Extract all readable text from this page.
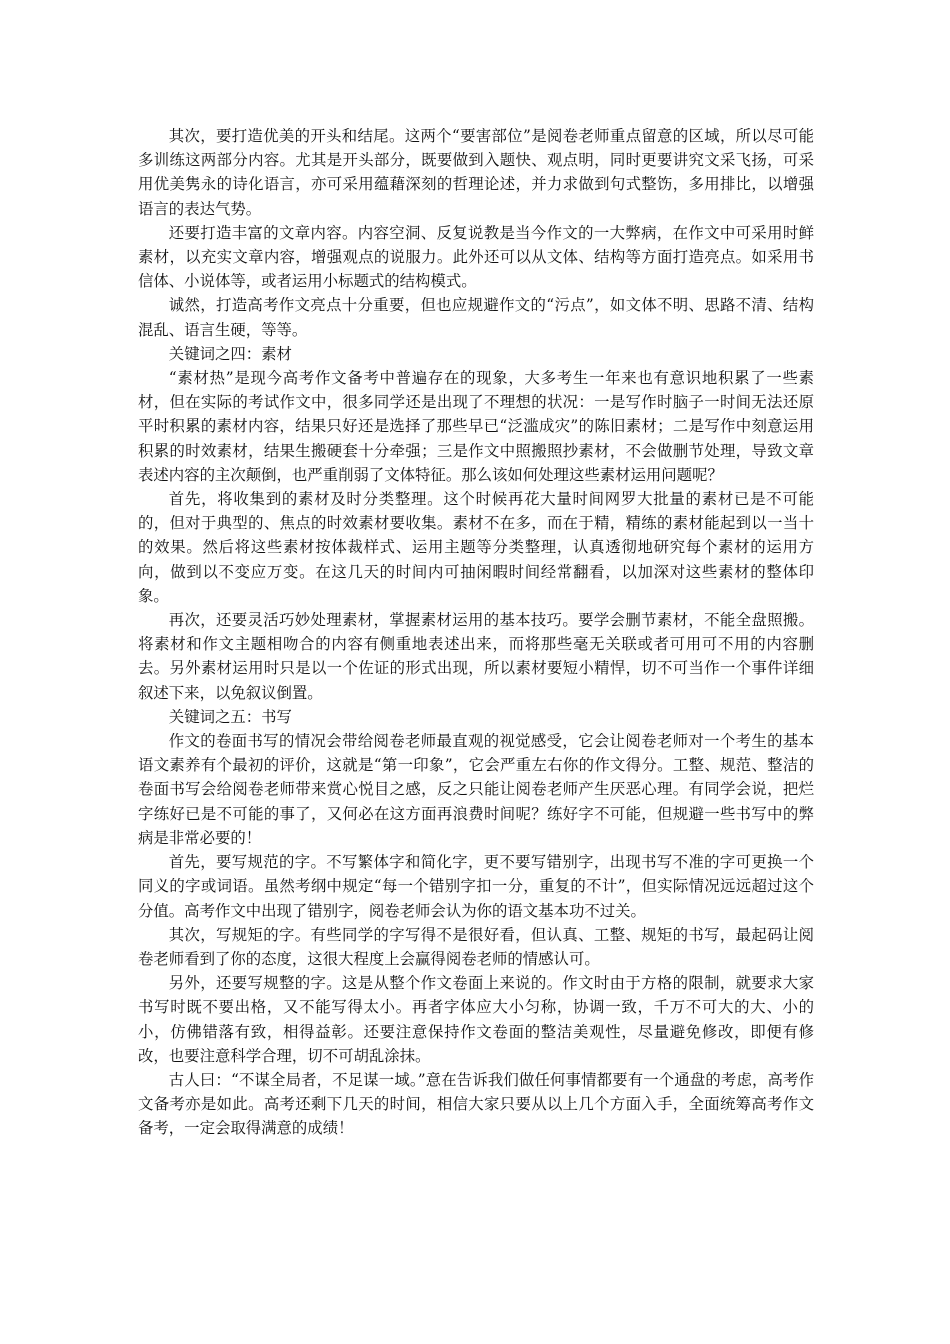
其次，要打造优美的开头和结尾。这两个“要害部位”是阅卷老师重点留意的区域，所以尽可能多训练这两部分内容。尤其是开头部分，既要做到入题快、观点明，同时更要讲究文采飞扬，可采用优美隽永的诗化语言，亦可采用蕴藉深刻的哲理论述，并力求做到句式整饬，多用排比，以增强语言的表达气势。

还要打造丰富的文章内容。内容空洞、反复说教是当今作文的一大弊病，在作文中可采用时鲜素材，以充实文章内容，增强观点的说服力。此外还可以从文体、结构等方面打造亮点。如采用书信体、小说体等，或者运用小标题式的结构模式。

诚然，打造高考作文亮点十分重要，但也应规避作文的“污点”，如文体不明、思路不清、结构混乱、语言生硬，等等。

关键词之四：素材

“素材热”是现今高考作文备考中普遍存在的现象，大多考生一年来也有意识地积累了一些素材，但在实际的考试作文中，很多同学还是出现了不理想的状况：一是写作时脑子一时间无法还原平时积累的素材内容，结果只好还是选择了那些早已“泛滥成灾”的陈旧素材；二是写作中刻意运用积累的时效素材，结果生搬硬套十分牵强；三是作文中照搬照抄素材，不会做删节处理，导致文章表述内容的主次颠倒，也严重削弱了文体特征。那么该如何处理这些素材运用问题呢？

首先，将收集到的素材及时分类整理。这个时候再花大量时间网罗大批量的素材已是不可能的，但对于典型的、焦点的时效素材要收集。素材不在多，而在于精，精练的素材能起到以一当十的效果。然后将这些素材按体裁样式、运用主题等分类整理，认真透彻地研究每个素材的运用方向，做到以不变应万变。在这几天的时间内可抽闲暇时间经常翻看，以加深对这些素材的整体印象。

再次，还要灵活巧妙处理素材，掌握素材运用的基本技巧。要学会删节素材，不能全盘照搬。将素材和作文主题相吻合的内容有侧重地表述出来，而将那些毫无关联或者可用可不用的内容删去。另外素材运用时只是以一个佐证的形式出现，所以素材要短小精悍，切不可当作一个事件详细叙述下来，以免叙议倒置。

关键词之五：书写

作文的卷面书写的情况会带给阅卷老师最直观的视觉感受，它会让阅卷老师对一个考生的基本语文素养有个最初的评价，这就是“第一印象”，它会严重左右你的作文得分。工整、规范、整洁的卷面书写会给阅卷老师带来赏心悦目之感，反之只能让阅卷老师产生厌恶心理。有同学会说，把烂字练好已是不可能的事了，又何必在这方面再浪费时间呢？练好字不可能，但规避一些书写中的弊病是非常必要的！

首先，要写规范的字。不写繁体字和简化字，更不要写错别字，出现书写不准的字可更换一个同义的字或词语。虽然考纲中规定“每一个错别字扣一分，重复的不计”，但实际情况远远超过这个分值。高考作文中出现了错别字，阅卷老师会认为你的语文基本功不过关。

其次，写规矩的字。有些同学的字写得不是很好看，但认真、工整、规矩的书写，最起码让阅卷老师看到了你的态度，这很大程度上会赢得阅卷老师的情感认可。

另外，还要写规整的字。这是从整个作文卷面上来说的。作文时由于方格的限制，就要求大家书写时既不要出格，又不能写得太小。再者字体应大小匀称，协调一致，千万不可大的大、小的小，仿佛错落有致，相得益彰。还要注意保持作文卷面的整洁美观性，尽量避免修改，即便有修改，也要注意科学合理，切不可胡乱涂抹。

古人曰：“不谋全局者，不足谋一域。”意在告诉我们做任何事情都要有一个通盘的考虑，高考作文备考亦是如此。高考还剩下几天的时间，相信大家只要从以上几个方面入手，全面统筹高考作文备考，一定会取得满意的成绩！
